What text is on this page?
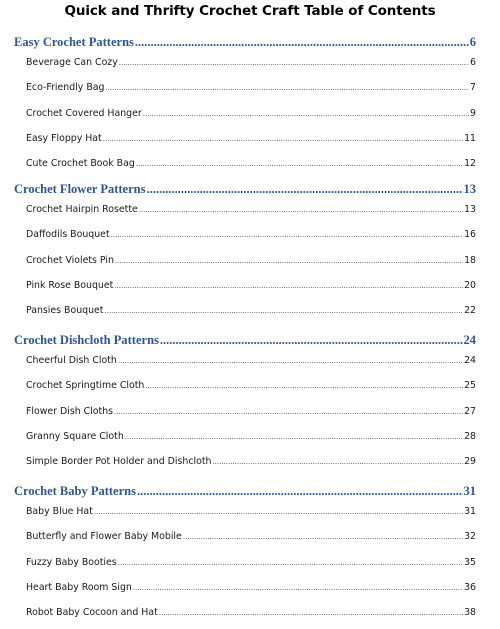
Quick and Thrifty Crochet Craft Table of Contents
Easy Crochet Patterns .....	6
Beverage Can Cozy .....	6
Eco-Friendly Bag .....	7
Crochet Covered Hanger .....	9
Easy Floppy Hat .....	11
Cute Crochet Book Bag .....	12
Crochet Flower Patterns .....	13
Crochet Hairpin Rosette .....	13
Daffodils Bouquet .....	16
Crochet Violets Pin .....	18
Pink Rose Bouquet .....	20
Pansies Bouquet .....	22
Crochet Dishcloth Patterns .....	24
Cheerful Dish Cloth .....	24
Crochet Springtime Cloth .....	25
Flower Dish Cloths .....	27
Granny Square Cloth .....	28
Simple Border Pot Holder and Dishcloth .....	29
Crochet Baby Patterns .....	31
Baby Blue Hat .....	31
Butterfly and Flower Baby Mobile .....	32
Fuzzy Baby Booties .....	35
Heart Baby Room Sign .....	36
Robot Baby Cocoon and Hat .....	38
